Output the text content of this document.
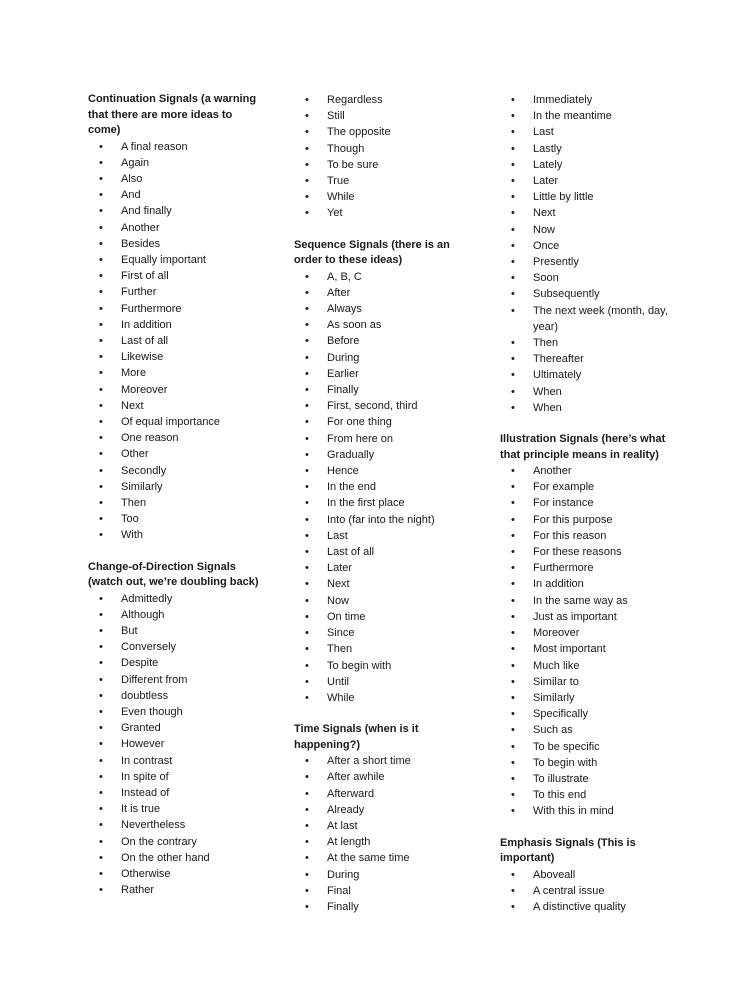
Continuation Signals (a warning that there are more ideas to come)

• A final reason
• Again
• Also
• And
• And finally
• Another
• Besides
• Equally important
• First of all
• Further
• Furthermore
• In addition
• Last of all
• Likewise
• More
• Moreover
• Next
• Of equal importance
• One reason
• Other
• Secondly
• Similarly
• Then
• Too
• With

Change-of-Direction Signals (watch out, we’re doubling back)

• Admittedly
• Although
• But
• Conversely
• Despite
• Different from
• doubtless
• Even though
• Granted
• However
• In contrast
• In spite of
• Instead of
• It is true
• Nevertheless
• On the contrary
• On the other hand
• Otherwise
• Rather
• Regardless
• Still
• The opposite
• Though
• To be sure
• True
• While
• Yet

Sequence Signals (there is an order to these ideas)

• A, B, C
• After
• Always
• As soon as
• Before
• During
• Earlier
• Finally
• First, second, third
• For one thing
• From here on
• Gradually
• Hence
• In the end
• In the first place
• Into (far into the night)
• Last
• Last of all
• Later
• Next
• Now
• On time
• Since
• Then
• To begin with
• Until
• While

Time Signals (when is it happening?)

• After a short time
• After awhile
• Afterward
• Already
• At last
• At length
• At the same time
• During
• Final
• Finally
• Immediately
• In the meantime
• Last
• Lastly
• Lately
• Later
• Little by little
• Next
• Now
• Once
• Presently
• Soon
• Subsequently
• The next week (month, day, year)
• Then
• Thereafter
• Ultimately
• When
• When

Illustration Signals (here’s what that principle means in reality)

• Another
• For example
• For instance
• For this purpose
• For this reason
• For these reasons
• Furthermore
• In addition
• In the same way as
• Just as important
• Moreover
• Most important
• Much like
• Similar to
• Similarly
• Specifically
• Such as
• To be specific
• To begin with
• To illustrate
• To this end
• With this in mind

Emphasis Signals (This is important)

• Aboveall
• A central issue
• A distinctive quality
